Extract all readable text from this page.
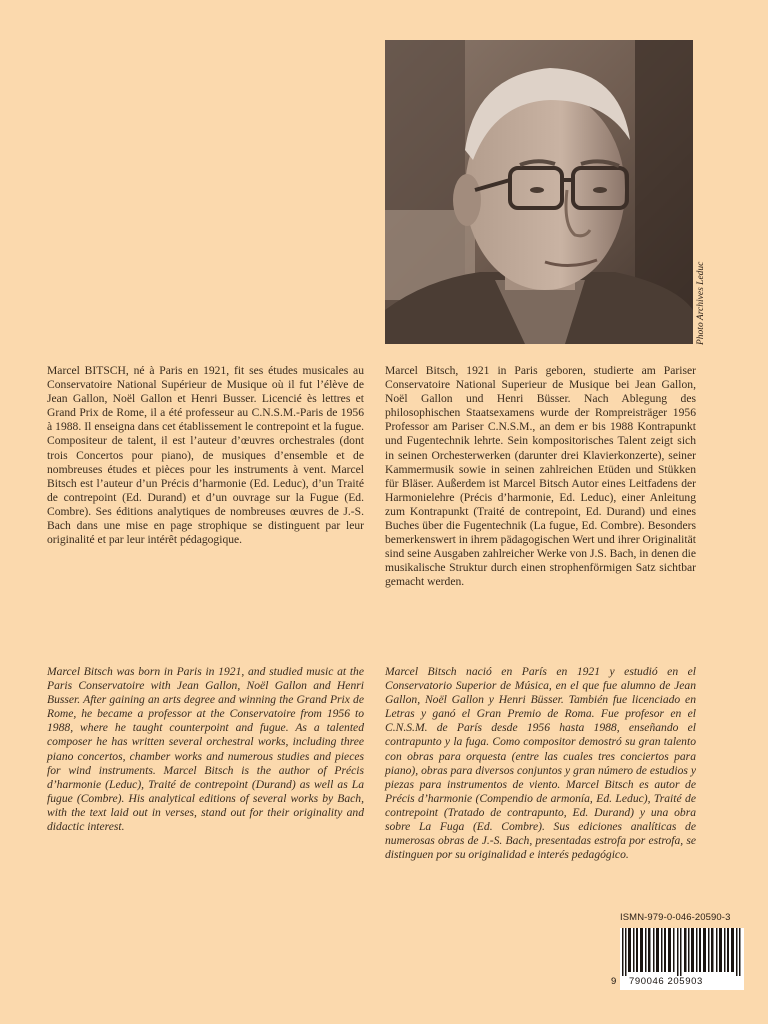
Photo Archives Leduc

Marcel BITSCH, né à Paris en 1921, fit ses études musicales au Conservatoire National Supérieur de Musique où il fut l’élève de Jean Gallon, Noël Gallon et Henri Busser. Licencié ès lettres et Grand Prix de Rome, il a été professeur au C.N.S.M.-Paris de 1956 à 1988. Il enseigna dans cet établissement le contrepoint et la fugue. Compositeur de talent, il est l’auteur d’œuvres orchestrales (dont trois Concertos pour piano), de musiques d’ensemble et de nombreuses études et pièces pour les instruments à vent. Marcel Bitsch est l’auteur d’un Précis d’harmonie (Ed. Leduc), d’un Traité de contrepoint (Ed. Durand) et d’un ouvrage sur la Fugue (Ed. Combre). Ses éditions analytiques de nombreuses œuvres de J.-S. Bach dans une mise en page strophique se distinguent par leur originalité et par leur intérêt pédagogique.

Marcel Bitsch, 1921 in Paris geboren, studierte am Pariser Conservatoire National Superieur de Musique bei Jean Gallon, Noël Gallon und Henri Büsser. Nach Ablegung des philosophischen Staatsexamens wurde der Rompreisträger 1956 Professor am Pariser C.N.S.M., an dem er bis 1988 Kontrapunkt und Fugentechnik lehrte. Sein kompositorisches Talent zeigt sich in seinen Orchesterwerken (darunter drei Klavierkonzerte), seiner Kammermusik sowie in seinen zahlreichen Etüden und Stükken für Bläser. Außerdem ist Marcel Bitsch Autor eines Leitfadens der Harmonielehre (Précis d’harmonie, Ed. Leduc), einer Anleitung zum Kontrapunkt (Traité de contrepoint, Ed. Durand) und eines Buches über die Fugentechnik (La fugue, Ed. Combre). Besonders bemerkenswert in ihrem pädagogischen Wert und ihrer Originalität sind seine Ausgaben zahlreicher Werke von J.S. Bach, in denen die musikalische Struktur durch einen strophenförmigen Satz sichtbar gemacht werden.

Marcel Bitsch was born in Paris in 1921, and studied music at the Paris Conservatoire with Jean Gallon, Noël Gallon and Henri Busser. After gaining an arts degree and winning the Grand Prix de Rome, he became a professor at the Conservatoire from 1956 to 1988, where he taught counterpoint and fugue. As a talented composer he has written several orchestral works, including three piano concertos, chamber works and numerous studies and pieces for wind instruments. Marcel Bitsch is the author of Précis d’harmonie (Leduc), Traité de contrepoint (Durand) as well as La fugue (Combre). His analytical editions of several works by Bach, with the text laid out in verses, stand out for their originality and didactic interest.

Marcel Bitsch nació en París en 1921 y estudió en el Conservatorio Superior de Música, en el que fue alumno de Jean Gallon, Noël Gallon y Henri Büsser. También fue licenciado en Letras y ganó el Gran Premio de Roma. Fue profesor en el C.N.S.M. de París desde 1956 hasta 1988, enseñando el contrapunto y la fuga. Como compositor demostró su gran talento con obras para orquesta (entre las cuales tres conciertos para piano), obras para diversos conjuntos y gran número de estudios y piezas para instrumentos de viento. Marcel Bitsch es autor de Précis d’harmonie (Compendio de armonía, Ed. Leduc), Traité de contrepoint (Tratado de contrapunto, Ed. Durand) y una obra sobre La Fuga (Ed. Combre). Sus ediciones analíticas de numerosas obras de J.-S. Bach, presentadas estrofa por estrofa, se distinguen por su originalidad e interés pedagógico.

ISMN-979-0-046-20590-3
9 790046 205903
